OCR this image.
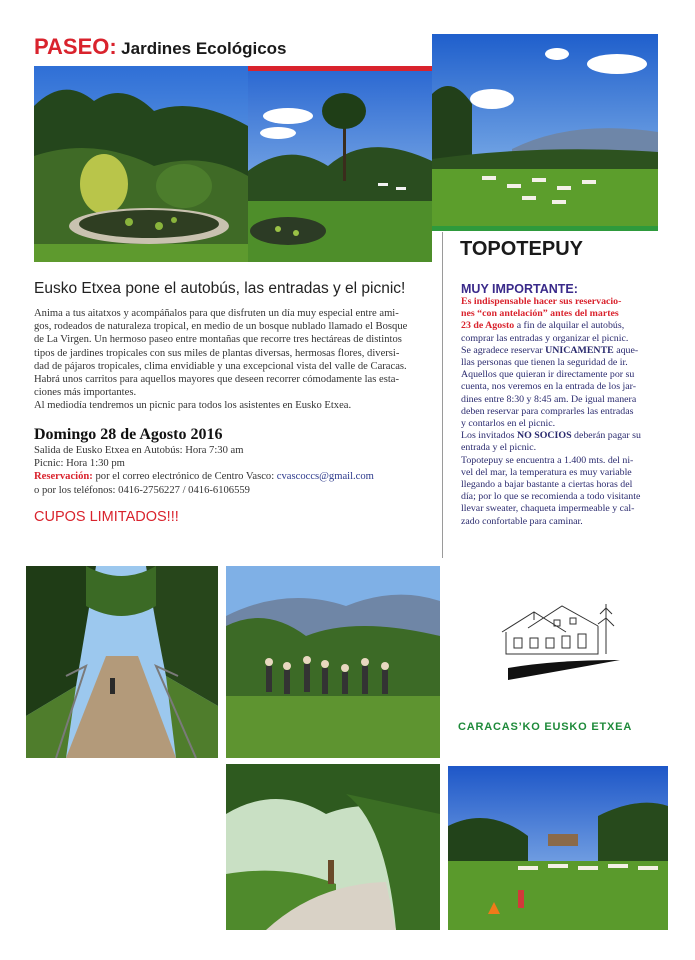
PASEO: Jardines Ecológicos
Eusko Etxea pone el autobús, las entradas y el picnic!

Anima a tus aitatxos y acompáñalos para que disfruten un día muy especial entre ami-

gos, rodeados de naturaleza tropical, en medio de un bosque nublado llamado el Bosque

de La Virgen. Un hermoso paseo entre montañas que recorre tres hectáreas de distintos

tipos de jardines tropicales con sus miles de plantas diversas, hermosas flores, diversi-

dad de pájaros tropicales, clima envidiable y una excepcional vista del valle de Caracas.

Habrá unos carritos para aquellos mayores que deseen recorrer cómodamente las esta-

ciones más importantes.

Al mediodía tendremos un picnic para todos los asistentes en Eusko Etxea.

Domingo 28 de Agosto 2016
Salida de Eusko Etxea en Autobús: Hora 7:30 am
Picnic: Hora 1:30 pm
Reservación: por el correo electrónico de Centro Vasco: cvascoccs@gmail.com
o por los teléfonos: 0416-2756227 / 0416-6106559
CUPOS LIMITADOS!!!
TOPOTEPUY
MUY IMPORTANTE:

Es indispensable hacer sus reservacio-

nes “con antelación” antes del martes

23 de Agosto a fin de alquilar el autobús,

comprar las entradas y organizar el picnic.

Se agradece reservar UNICAMENTE aque-

llas personas que tienen la seguridad de ir.

Aquellos que quieran ir directamente por su

cuenta, nos veremos en la entrada de los jar-

dines entre 8:30 y 8:45 am. De igual manera

deben reservar para comprarles las entradas

y contarlos en el picnic.

Los invitados NO SOCIOS deberán pagar su

entrada y el picnic.

Topotepuy se encuentra a 1.400 mts. del ni-

vel del mar, la temperatura es muy variable

llegando a bajar bastante a ciertas horas del

día; por lo que se recomienda a todo visitante

llevar sweater, chaqueta impermeable y cal-

zado confortable para caminar.

CARACAS’KO EUSKO ETXEA
